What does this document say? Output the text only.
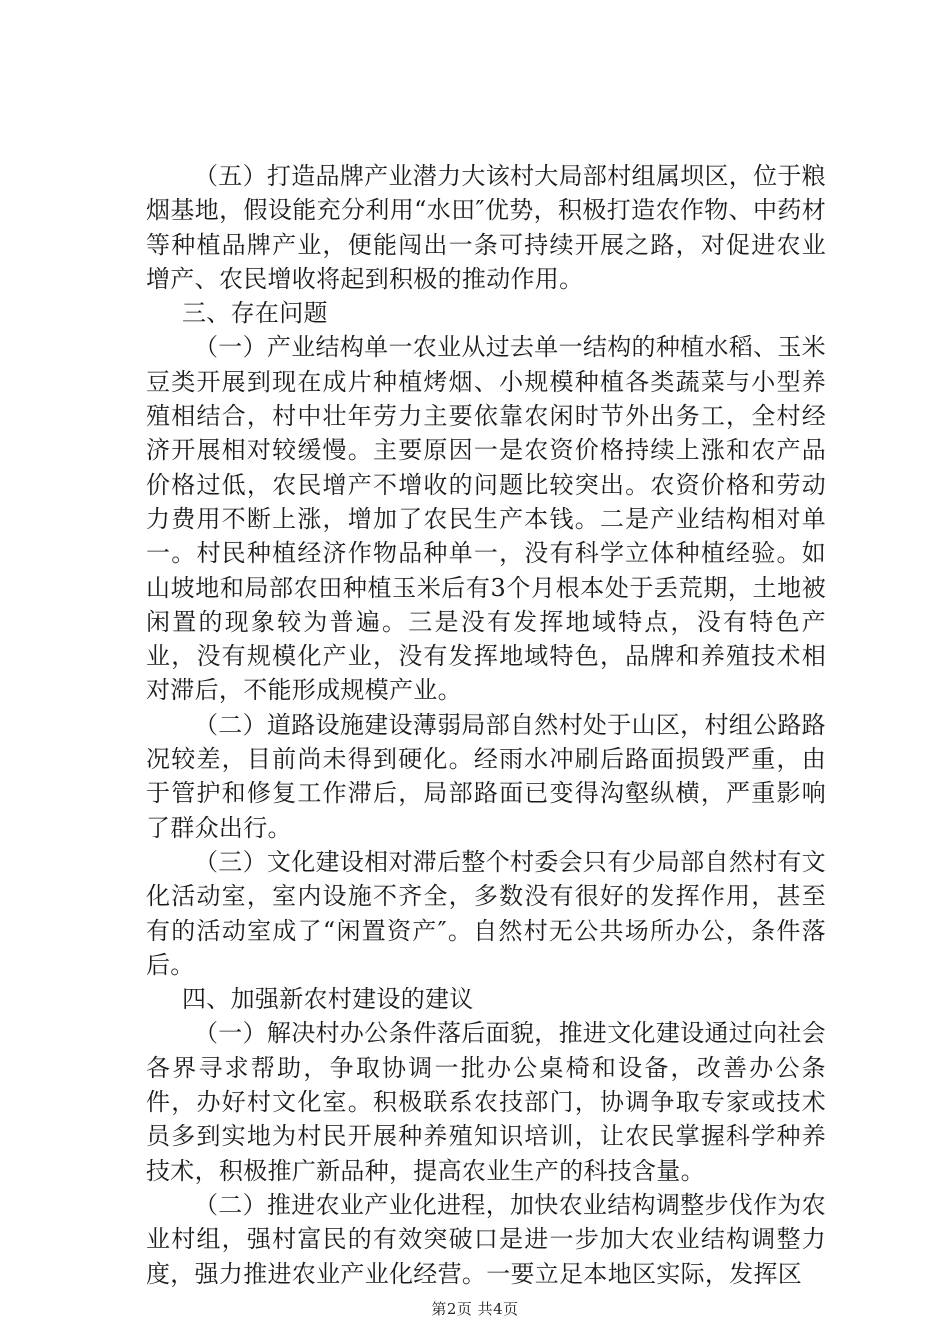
（五）打造品牌产业潜力大该村大局部村组属坝区，位于粮烟基地，假设能充分利用“水田″优势，积极打造农作物、中药材等种植品牌产业，便能闯出一条可持续开展之路，对促进农业增产、农民增收将起到积极的推动作用。

三、存在问题

（一）产业结构单一农业从过去单一结构的种植水稻、玉米豆类开展到现在成片种植烤烟、小规模种植各类蔬菜与小型养殖相结合，村中壮年劳力主要依靠农闲时节外出务工，全村经济开展相对较缓慢。主要原因一是农资价格持续上涨和农产品价格过低，农民增产不增收的问题比较突出。农资价格和劳动力费用不断上涨，增加了农民生产本钱。二是产业结构相对单一。村民种植经济作物品种单一，没有科学立体种植经验。如山坡地和局部农田种植玉米后有3个月根本处于丢荒期，土地被闲置的现象较为普遍。三是没有发挥地域特点，没有特色产业，没有规模化产业，没有发挥地域特色，品牌和养殖技术相对滞后，不能形成规模产业。

（二）道路设施建设薄弱局部自然村处于山区，村组公路路况较差，目前尚未得到硬化。经雨水冲刷后路面损毁严重，由于管护和修复工作滞后，局部路面已变得沟壑纵横，严重影响了群众出行。

（三）文化建设相对滞后整个村委会只有少局部自然村有文化活动室，室内设施不齐全，多数没有很好的发挥作用，甚至有的活动室成了“闲置资产″。自然村无公共场所办公，条件落后。

四、加强新农村建设的建议

（一）解决村办公条件落后面貌，推进文化建设通过向社会各界寻求帮助，争取协调一批办公桌椅和设备，改善办公条件，办好村文化室。积极联系农技部门，协调争取专家或技术员多到实地为村民开展种养殖知识培训，让农民掌握科学种养技术，积极推广新品种，提高农业生产的科技含量。

（二）推进农业产业化进程，加快农业结构调整步伐作为农业村组，强村富民的有效突破口是进一步加大农业结构调整力度，强力推进农业产业化经营。一要立足本地区实际，发挥区

第2页 共4页
